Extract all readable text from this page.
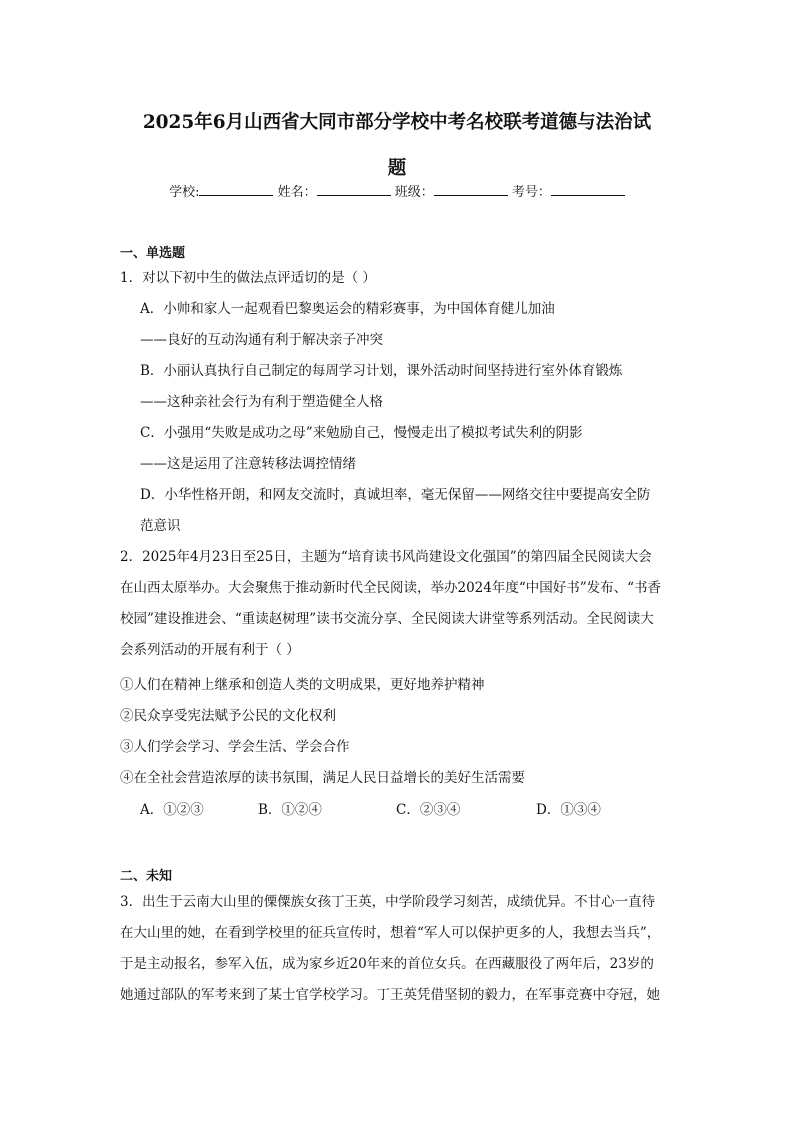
2025年6月山西省大同市部分学校中考名校联考道德与法治试
题
学校:	姓名：	班级：	考号：
一、单选题
1．对以下初中生的做法点评适切的是（ ）
A．小帅和家人一起观看巴黎奥运会的精彩赛事，为中国体育健儿加油
——良好的互动沟通有利于解决亲子冲突
B．小丽认真执行自己制定的每周学习计划，课外活动时间坚持进行室外体育锻炼
——这种亲社会行为有利于塑造健全人格
C．小强用“失败是成功之母”来勉励自己，慢慢走出了模拟考试失利的阴影
——这是运用了注意转移法调控情绪
D．小华性格开朗，和网友交流时，真诚坦率，毫无保留——网络交往中要提高安全防
范意识
2．2025年4月23日至25日，主题为“培育读书风尚建设文化强国”的第四届全民阅读大会
在山西太原举办。大会聚焦于推动新时代全民阅读，举办2024年度“中国好书”发布、“书香
校园”建设推进会、“重读赵树理”读书交流分享、全民阅读大讲堂等系列活动。全民阅读大
会系列活动的开展有利于（ ）
①人们在精神上继承和创造人类的文明成果，更好地养护精神
②民众享受宪法赋予公民的文化权利
③人们学会学习、学会生活、学会合作
④在全社会营造浓厚的读书氛围，满足人民日益增长的美好生活需要
A．①②③	B．①②④	C．②③④	D．①③④
二、未知
3．出生于云南大山里的傈僳族女孩丁王英，中学阶段学习刻苦，成绩优异。不甘心一直待
在大山里的她，在看到学校里的征兵宣传时，想着“军人可以保护更多的人，我想去当兵”，
于是主动报名，参军入伍，成为家乡近20年来的首位女兵。在西藏服役了两年后，23岁的
她通过部队的军考来到了某士官学校学习。丁王英凭借坚韧的毅力，在军事竞赛中夺冠，她
